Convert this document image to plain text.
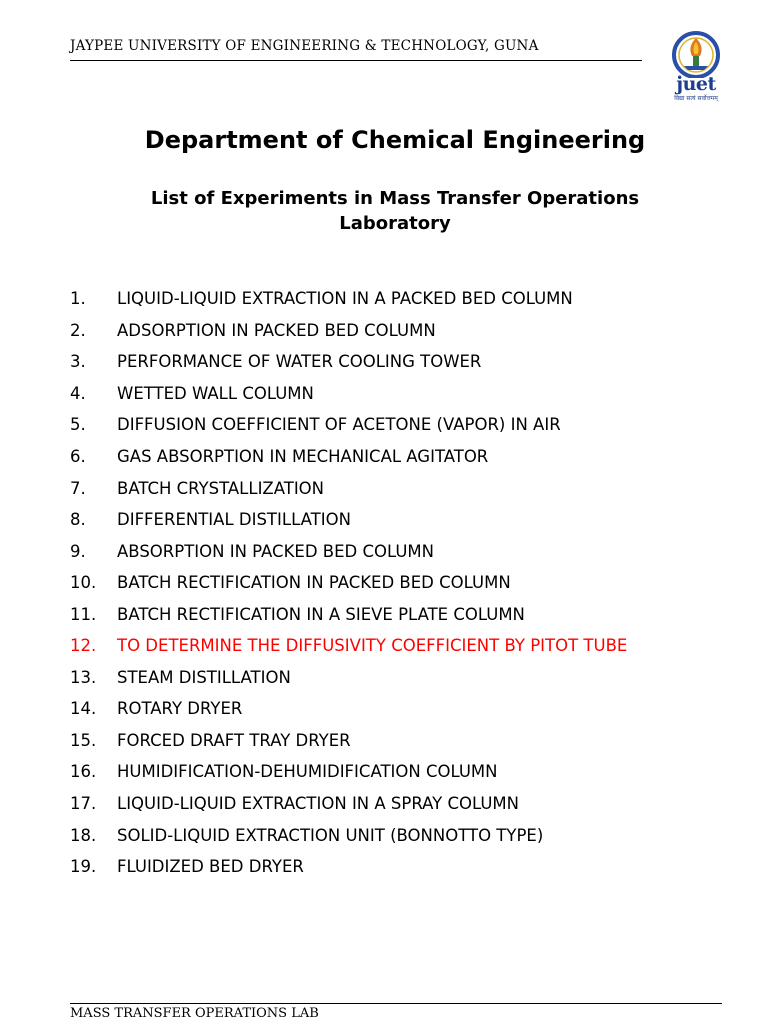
JAYPEE UNIVERSITY OF ENGINEERING & TECHNOLOGY, GUNA
juet
विद्या सत्यं सर्वोत्तमम्
Department of Chemical Engineering
List of Experiments in Mass Transfer Operations
Laboratory
1.	LIQUID-LIQUID EXTRACTION IN A PACKED BED COLUMN
2.	ADSORPTION IN PACKED BED COLUMN
3.	PERFORMANCE OF WATER COOLING TOWER
4.	WETTED WALL COLUMN
5.	DIFFUSION COEFFICIENT OF ACETONE (VAPOR) IN AIR
6.	GAS ABSORPTION IN MECHANICAL AGITATOR
7.	BATCH CRYSTALLIZATION
8.	DIFFERENTIAL DISTILLATION
9.	ABSORPTION IN PACKED BED COLUMN
10.	BATCH RECTIFICATION IN PACKED BED COLUMN
11.	BATCH RECTIFICATION IN A SIEVE PLATE COLUMN
12.	TO DETERMINE THE DIFFUSIVITY COEFFICIENT BY PITOT TUBE
13.	STEAM DISTILLATION
14.	ROTARY DRYER
15.	FORCED DRAFT TRAY DRYER
16.	HUMIDIFICATION-DEHUMIDIFICATION COLUMN
17.	LIQUID-LIQUID EXTRACTION IN A SPRAY COLUMN
18.	SOLID-LIQUID EXTRACTION UNIT (BONNOTTO TYPE)
19.	FLUIDIZED BED DRYER
MASS TRANSFER OPERATIONS LAB
